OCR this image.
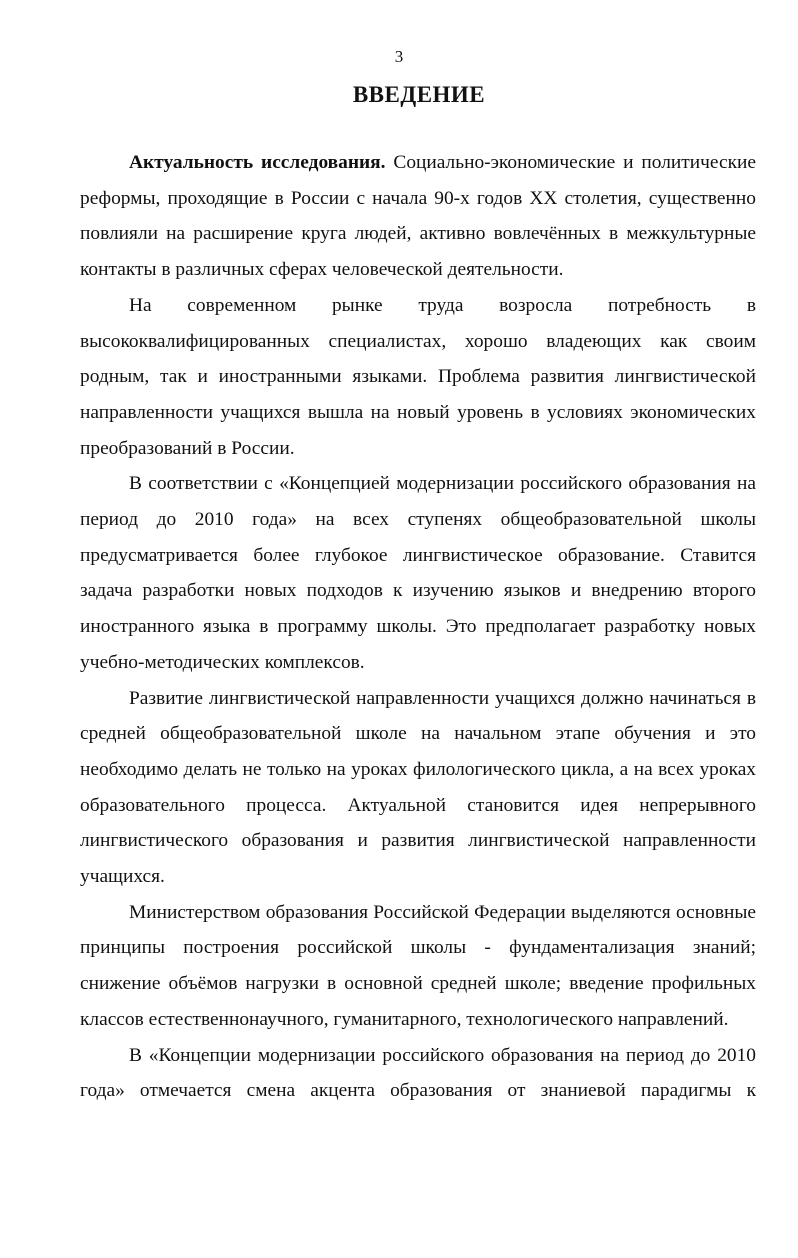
3
ВВЕДЕНИЕ

Актуальность исследования. Социально-экономические и политические реформы, проходящие в России с начала 90-х годов XX столетия, существенно повлияли на расширение круга людей, активно вовлечённых в межкультурные контакты в различных сферах человеческой деятельности.

На современном рынке труда возросла потребность в высококвалифицированных специалистах, хорошо владеющих как своим родным, так и иностранными языками. Проблема развития лингвистической направленности учащихся вышла на новый уровень в условиях экономических преобразований в России.

В соответствии с «Концепцией модернизации российского образования на период до 2010 года» на всех ступенях общеобразовательной школы предусматривается более глубокое лингвистическое образование. Ставится задача разработки новых подходов к изучению языков и внедрению второго иностранного языка в программу школы. Это предполагает разработку новых учебно-методических комплексов.

Развитие лингвистической направленности учащихся должно начинаться в средней общеобразовательной школе на начальном этапе обучения и это необходимо делать не только на уроках филологического цикла, а на всех уроках образовательного процесса. Актуальной становится идея непрерывного лингвистического образования и развития лингвистической направленности учащихся.

Министерством образования Российской Федерации выделяются основные принципы построения российской школы - фундаментализация знаний; снижение объёмов нагрузки в основной средней школе; введение профильных классов естественнонаучного, гуманитарного, технологического направлений.

В «Концепции модернизации российского образования на период до 2010 года» отмечается смена акцента образования от знаниевой парадигмы к
